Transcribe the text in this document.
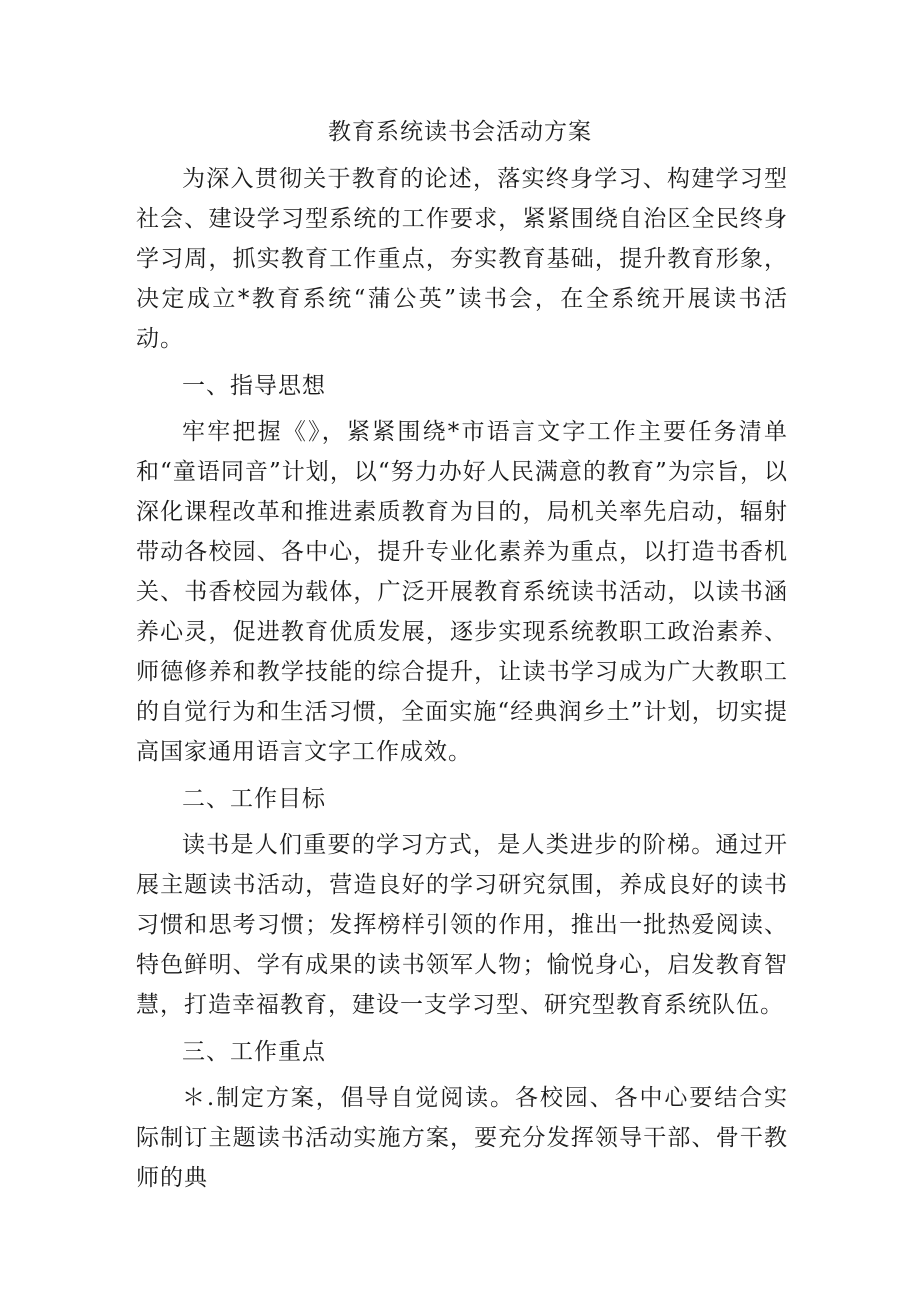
教育系统读书会活动方案

为深入贯彻关于教育的论述，落实终身学习、构建学习型社会、建设学习型系统的工作要求，紧紧围绕自治区全民终身学习周，抓实教育工作重点，夯实教育基础，提升教育形象，决定成立*教育系统“蒲公英”读书会，在全系统开展读书活动。

一、指导思想

牢牢把握《》，紧紧围绕*市语言文字工作主要任务清单和“童语同音”计划，以“努力办好人民满意的教育”为宗旨，以深化课程改革和推进素质教育为目的，局机关率先启动，辐射带动各校园、各中心，提升专业化素养为重点，以打造书香机关、书香校园为载体，广泛开展教育系统读书活动，以读书涵养心灵，促进教育优质发展，逐步实现系统教职工政治素养、师德修养和教学技能的综合提升，让读书学习成为广大教职工的自觉行为和生活习惯，全面实施“经典润乡土”计划，切实提高国家通用语言文字工作成效。

二、工作目标

读书是人们重要的学习方式，是人类进步的阶梯。通过开展主题读书活动，营造良好的学习研究氛围，养成良好的读书习惯和思考习惯；发挥榜样引领的作用，推出一批热爱阅读、特色鲜明、学有成果的读书领军人物；愉悦身心，启发教育智慧，打造幸福教育，建设一支学习型、研究型教育系统队伍。

三、工作重点

＊.制定方案，倡导自觉阅读。各校园、各中心要结合实际制订主题读书活动实施方案，要充分发挥领导干部、骨干教师的典
